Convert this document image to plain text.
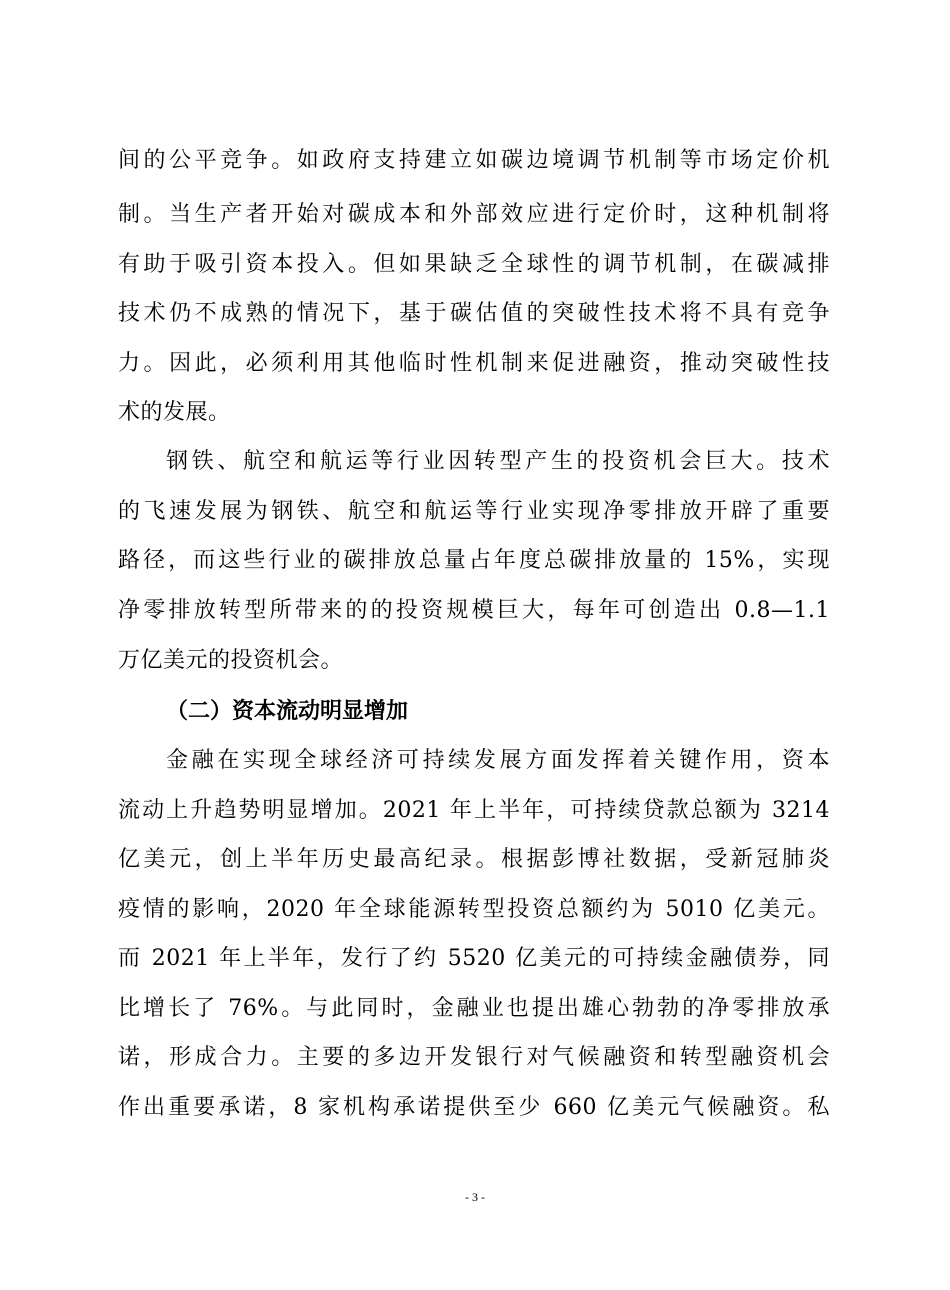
间的公平竞争。如政府支持建立如碳边境调节机制等市场定价机
制。当生产者开始对碳成本和外部效应进行定价时，这种机制将
有助于吸引资本投入。但如果缺乏全球性的调节机制，在碳减排
技术仍不成熟的情况下，基于碳估值的突破性技术将不具有竞争
力。因此，必须利用其他临时性机制来促进融资，推动突破性技
术的发展。
钢铁、航空和航运等行业因转型产生的投资机会巨大。技术
的飞速发展为钢铁、航空和航运等行业实现净零排放开辟了重要
路径，而这些行业的碳排放总量占年度总碳排放量的 15%，实现
净零排放转型所带来的的投资规模巨大，每年可创造出 0.8—1.1
万亿美元的投资机会。
（二）资本流动明显增加
金融在实现全球经济可持续发展方面发挥着关键作用，资本
流动上升趋势明显增加。2021 年上半年，可持续贷款总额为 3214
亿美元，创上半年历史最高纪录。根据彭博社数据，受新冠肺炎
疫情的影响，2020 年全球能源转型投资总额约为 5010 亿美元。
而 2021 年上半年，发行了约 5520 亿美元的可持续金融债券，同
比增长了 76%。与此同时，金融业也提出雄心勃勃的净零排放承
诺，形成合力。主要的多边开发银行对气候融资和转型融资机会
作出重要承诺，8 家机构承诺提供至少 660 亿美元气候融资。私
- 3 -
